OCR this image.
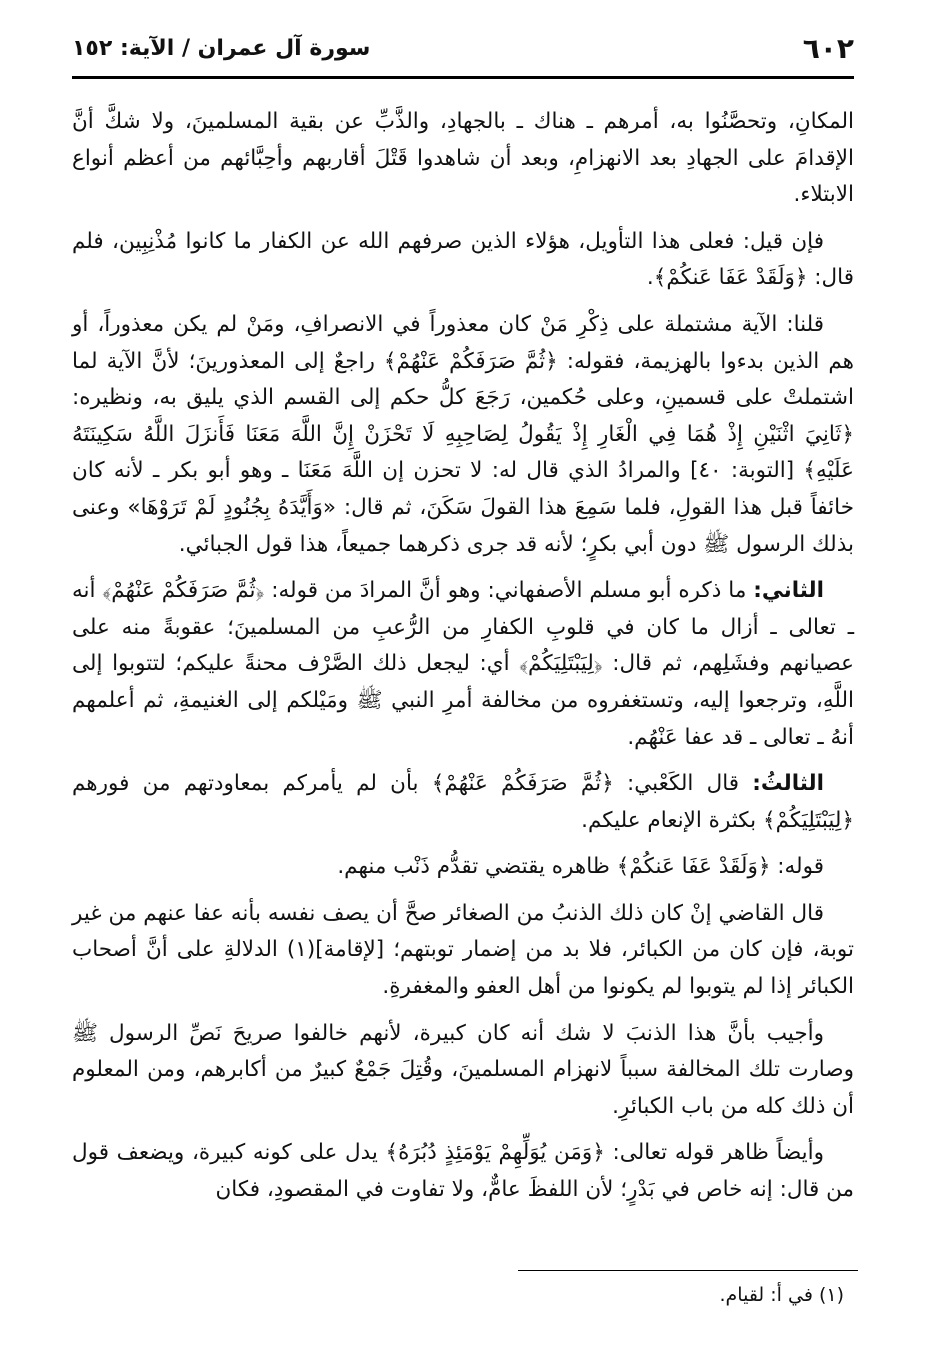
٦٠٢
سورة آل عمران / الآية: ١٥٢

المكانِ، وتحصَّنُوا به، أمرهم ـ هناك ـ بالجهادِ، والذَّبِّ عن بقية المسلمينَ، ولا شكَّ أنَّ الإقدامَ على الجهادِ بعد الانهزامِ، وبعد أن شاهدوا قَتْلَ أقاربهم وأحِبَّائهم من أعظم أنواع الابتلاء.

فإن قيل: فعلى هذا التأويل، هؤلاء الذين صرفهم الله عن الكفار ما كانوا مُذْنِبِين، فلم قال: ﴿وَلَقَدْ عَفَا عَنكُمْ﴾.

قلنا: الآية مشتملة على ذِكْرِ مَنْ كان معذوراً في الانصرافِ، ومَنْ لم يكن معذوراً، أو هم الذين بدءوا بالهزيمة، فقوله: ﴿ثُمَّ صَرَفَكُمْ عَنْهُمْ﴾ راجعٌ إلى المعذورينَ؛ لأنَّ الآية لما اشتملتْ على قسمينِ، وعلى حُكمين، رَجَعَ كلُّ حكم إلى القسم الذي يليق به، ونظيره: ﴿ثَانِيَ اثْنَيْنِ إِذْ هُمَا فِي الْغَارِ إِذْ يَقُولُ لِصَاحِبِهِ لَا تَحْزَنْ إِنَّ اللَّهَ مَعَنَا فَأَنزَلَ اللَّهُ سَكِينَتَهُ عَلَيْهِ﴾ [التوبة: ٤٠] والمرادُ الذي قال له: لا تحزن إن اللَّهَ مَعَنَا ـ وهو أبو بكر ـ لأنه كان خائفاً قبل هذا القولِ، فلما سَمِعَ هذا القولَ سَكَنَ، ثم قال: «وَأَيَّدَهُ بِجُنُودٍ لَمْ تَرَوْهَا» وعنى بذلك الرسول ﷺ دون أبي بكرٍ؛ لأنه قد جرى ذكرهما جميعاً، هذا قول الجبائي.

الثاني: ما ذكره أبو مسلم الأصفهاني: وهو أنَّ المرادَ من قوله: ﴿ثُمَّ صَرَفَكُمْ عَنْهُمْ﴾ أنه ـ تعالى ـ أزال ما كان في قلوبِ الكفارِ من الرُّعبِ من المسلمينَ؛ عقوبةً منه على عصيانهم وفشَلِهم، ثم قال: ﴿لِيَبْتَلِيَكُمْ﴾ أي: ليجعل ذلك الصَّرْف محنةً عليكم؛ لتتوبوا إلى اللَّهِ، وترجعوا إليه، وتستغفروه من مخالفة أمرِ النبي ﷺ ومَيْلكم إلى الغنيمةِ، ثم أعلمهم أنهُ ـ تعالى ـ قد عفا عَنْهُم.

الثالثُ: قال الكَعْبي: ﴿ثُمَّ صَرَفَكُمْ عَنْهُمْ﴾ بأن لم يأمركم بمعاودتهم من فورهم ﴿لِيَبْتَلِيَكُمْ﴾ بكثرة الإنعام عليكم.

قوله: ﴿وَلَقَدْ عَفَا عَنكُمْ﴾ ظاهره يقتضي تقدُّم ذَنْب منهم.

قال القاضي إنْ كان ذلك الذنبُ من الصغائر صحَّ أن يصف نفسه بأنه عفا عنهم من غير توبة، فإن كان من الكبائر، فلا بد من إضمار توبتهم؛ [لإقامة](١) الدلالةِ على أنَّ أصحاب الكبائر إذا لم يتوبوا لم يكونوا من أهل العفو والمغفرةِ.

وأجيب بأنَّ هذا الذنبَ لا شك أنه كان كبيرة، لأنهم خالفوا صريحَ نَصِّ الرسول ﷺ وصارت تلك المخالفة سبباً لانهزام المسلمينَ، وقُتِلَ جَمْعٌ كبيرٌ من أكابرهم، ومن المعلوم أن ذلك كله من باب الكبائرِ.

وأيضاً ظاهر قوله تعالى: ﴿وَمَن يُوَلِّهِمْ يَوْمَئِذٍ دُبُرَهُ﴾ يدل على كونه كبيرة، ويضعف قول من قال: إنه خاص في بَدْرٍ؛ لأن اللفظَ عامٌّ، ولا تفاوت في المقصودِ، فكان

(١) في أ: لقيام.
